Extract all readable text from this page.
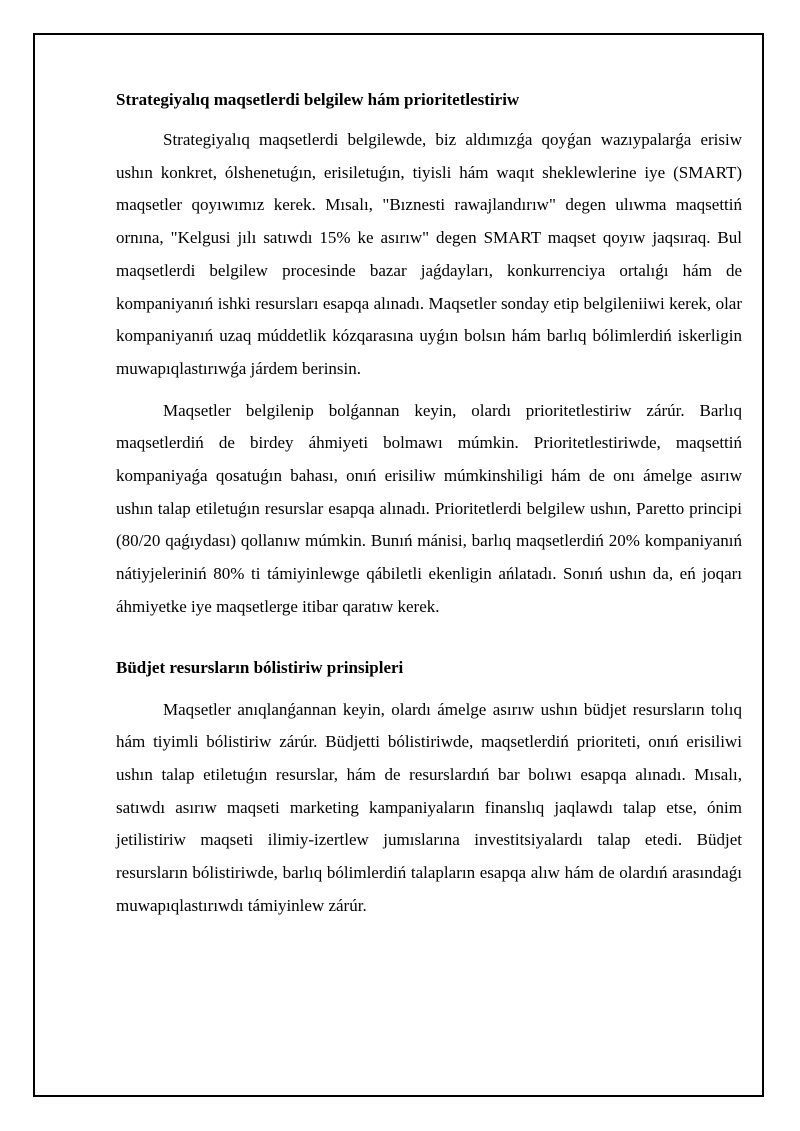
Strategiyalıq maqsetlerdi belgilew hám prioritetlestiriw

Strategiyalıq maqsetlerdi belgilewde, biz aldımızǵa qoyǵan wazıypalarǵa erisiw ushın konkret, ólshenetuǵın, erisiletuǵın, tiyisli hám waqıt sheklewlerine iye (SMART) maqsetler qoyıwımız kerek. Mısalı, "Bıznesti rawajlandırıw" degen ulıwma maqsettiń ornına, "Kelgusi jılı satıwdı 15% ke asırıw" degen SMART maqset qoyıw jaqsıraq. Bul maqsetlerdi belgilew procesinde bazar jaǵdayları, konkurrenciya ortalıǵı hám de kompaniyanıń ishki resursları esapqa alınadı. Maqsetler sonday etip belgileniiwi kerek, olar kompaniyanıń uzaq múddetlik kózqarasına uyǵın bolsın hám barlıq bólimlerdiń iskerligin muwapıqlastırıwǵa járdem berinsin.

Maqsetler belgilenip bolǵannan keyin, olardı prioritetlestiriw zárúr. Barlıq maqsetlerdiń de birdey áhmiyeti bolmawı múmkin. Prioritetlestiriwde, maqsettiń kompaniyaǵa qosatuǵın bahası, onıń erisiliw múmkinshiligi hám de onı ámelge asırıw ushın talap etiletuǵın resurslar esapqa alınadı. Prioritetlerdi belgilew ushın, Paretto principi (80/20 qaǵıydası) qollanıw múmkin. Bunıń mánisi, barlıq maqsetlerdiń 20% kompaniyanıń nátiyjeleriniń 80% ti támiyinlewge qábiletli ekenligin ańlatadı. Sonıń ushın da, eń joqarı áhmiyetke iye maqsetlerge itibar qaratıw kerek.

Büdjet resursların bólistiriw prinsipleri

Maqsetler anıqlanǵannan keyin, olardı ámelge asırıw ushın büdjet resursların tolıq hám tiyimli bólistiriw zárúr. Büdjetti bólistiriwde, maqsetlerdiń prioriteti, onıń erisiliwi ushın talap etiletuǵın resurslar, hám de resurslardıń bar bolıwı esapqa alınadı. Mısalı, satıwdı asırıw maqseti marketing kampaniyaların finanslıq jaqlawdı talap etse, ónim jetilistiriw maqseti ilimiy-izertlew jumıslarına investitsiyalardı talap etedi. Büdjet resursların bólistiriwde, barlıq bólimlerdiń talapların esapqa alıw hám de olardıń arasındaǵı muwapıqlastırıwdı támiyinlew zárúr.
